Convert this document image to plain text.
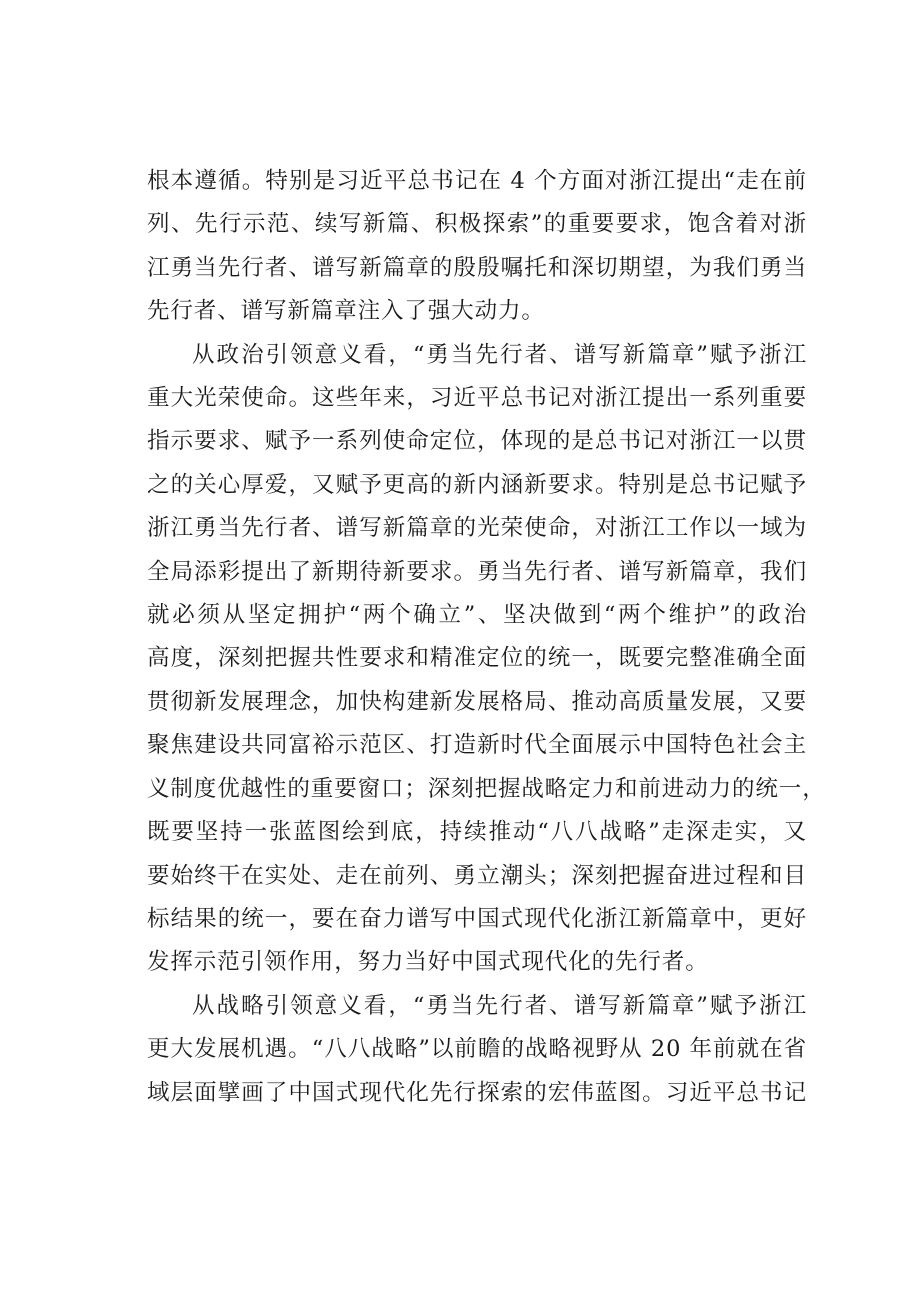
根本遵循。特别是习近平总书记在 4 个方面对浙江提出“走在前
列、先行示范、续写新篇、积极探索”的重要要求，饱含着对浙
江勇当先行者、谱写新篇章的殷殷嘱托和深切期望，为我们勇当
先行者、谱写新篇章注入了强大动力。
从政治引领意义看，“勇当先行者、谱写新篇章”赋予浙江
重大光荣使命。这些年来，习近平总书记对浙江提出一系列重要
指示要求、赋予一系列使命定位，体现的是总书记对浙江一以贯
之的关心厚爱，又赋予更高的新内涵新要求。特别是总书记赋予
浙江勇当先行者、谱写新篇章的光荣使命，对浙江工作以一域为
全局添彩提出了新期待新要求。勇当先行者、谱写新篇章，我们
就必须从坚定拥护“两个确立”、坚决做到“两个维护”的政治
高度，深刻把握共性要求和精准定位的统一，既要完整准确全面
贯彻新发展理念，加快构建新发展格局、推动高质量发展，又要
聚焦建设共同富裕示范区、打造新时代全面展示中国特色社会主
义制度优越性的重要窗口；深刻把握战略定力和前进动力的统一，
既要坚持一张蓝图绘到底，持续推动“八八战略”走深走实，又
要始终干在实处、走在前列、勇立潮头；深刻把握奋进过程和目
标结果的统一，要在奋力谱写中国式现代化浙江新篇章中，更好
发挥示范引领作用，努力当好中国式现代化的先行者。
从战略引领意义看，“勇当先行者、谱写新篇章”赋予浙江
更大发展机遇。“八八战略”以前瞻的战略视野从 20 年前就在省
域层面擘画了中国式现代化先行探索的宏伟蓝图。习近平总书记
